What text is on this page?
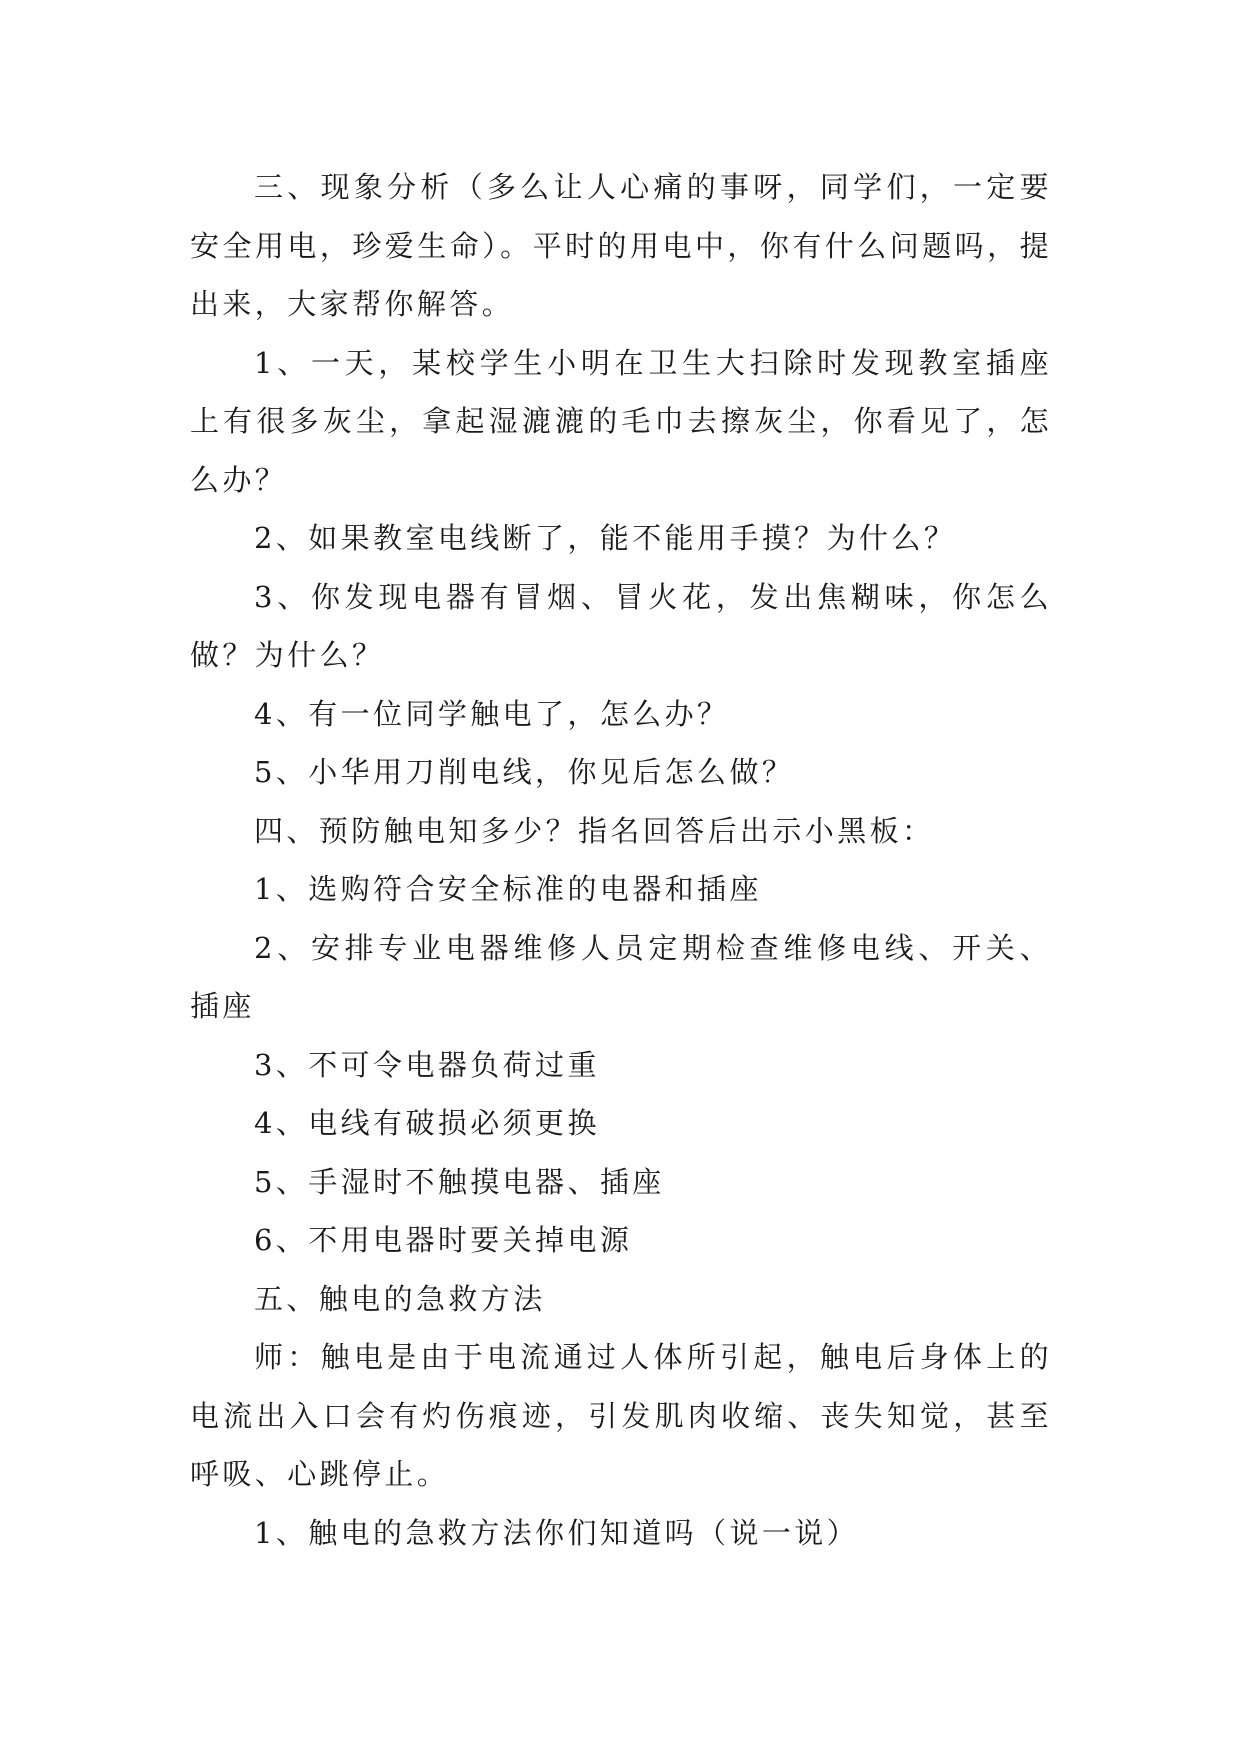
三、现象分析（多么让人心痛的事呀，同学们，一定要安全用电，珍爱生命）。平时的用电中，你有什么问题吗，提出来，大家帮你解答。

1、一天，某校学生小明在卫生大扫除时发现教室插座上有很多灰尘，拿起湿漉漉的毛巾去擦灰尘，你看见了，怎么办？

2、如果教室电线断了，能不能用手摸？为什么？

3、你发现电器有冒烟、冒火花，发出焦糊味，你怎么做？为什么？

4、有一位同学触电了，怎么办？

5、小华用刀削电线，你见后怎么做？

四、预防触电知多少？指名回答后出示小黑板：

1、选购符合安全标准的电器和插座

2、安排专业电器维修人员定期检查维修电线、开关、插座

3、不可令电器负荷过重

4、电线有破损必须更换

5、手湿时不触摸电器、插座

6、不用电器时要关掉电源

五、触电的急救方法

师：触电是由于电流通过人体所引起，触电后身体上的电流出入口会有灼伤痕迹，引发肌肉收缩、丧失知觉，甚至呼吸、心跳停止。

1、触电的急救方法你们知道吗（说一说）
